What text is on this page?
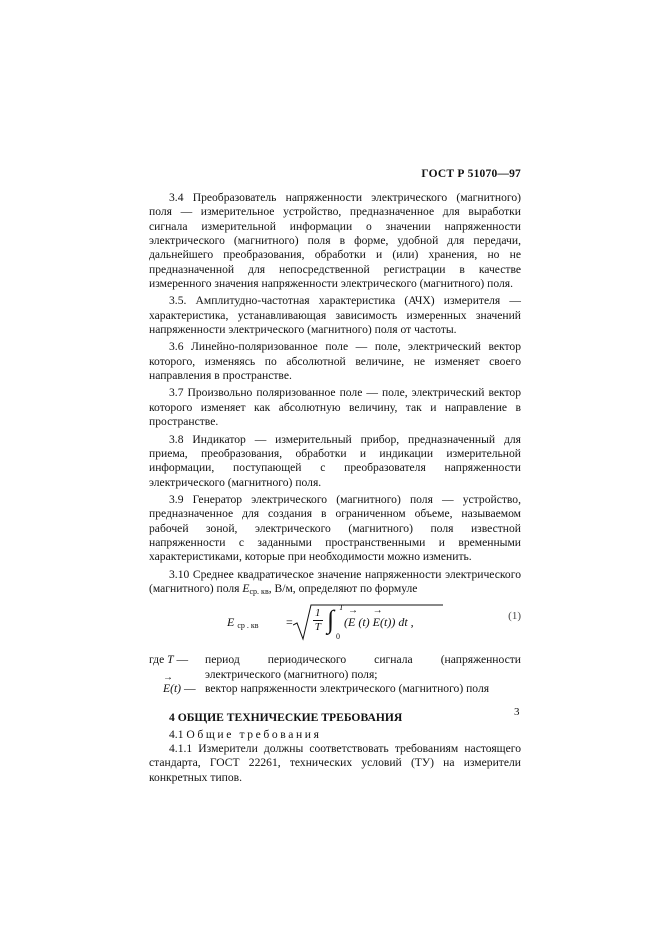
ГОСТ Р 51070—97

3.4 Преобразователь напряженности электрического (магнитного) поля — измерительное устройство, предназначенное для выработки сигнала измерительной информации о значении напряженности электрического (магнитного) поля в форме, удобной для передачи, дальнейшего преобразования, обработки и (или) хранения, но не предназначенной для непосредственной регистрации в качестве измеренного значения напряженности электрического (магнитного) поля.

3.5. Амплитудно-частотная характеристика (АЧХ) измерителя — характеристика, устанавливающая зависимость измеренных значений напряженности электрического (магнитного) поля от частоты.

3.6 Линейно-поляризованное поле — поле, электрический вектор которого, изменяясь по абсолютной величине, не изменяет своего направления в пространстве.

3.7 Произвольно поляризованное поле — поле, электрический вектор которого изменяет как абсолютную величину, так и направление в пространстве.

3.8 Индикатор — измерительный прибор, предназначенный для приема, преобразования, обработки и индикации измерительной информации, поступающей с преобразователя напряженности электрического (магнитного) поля.

3.9 Генератор электрического (магнитного) поля — устройство, предназначенное для создания в ограниченном объеме, называемом рабочей зоной, электрического (магнитного) поля известной напряженности с заданными пространственными и временными характеристиками, которые при необходимости можно изменить.

3.10 Среднее квадратическое значение напряженности электрического (магнитного) поля $E_{ср. кв}$, В/м, определяют по формуле

E $_{ср . кв} = \frac{1}{T}$ ∫ T
0
(→ E (t) → E(t)) dt ,	(1)
где T —	период периодического сигнала (напряженности электрического (магнитного) поля;
→ E(t) — вектор напряженности электрического (магнитного) поля
4 ОБЩИЕ ТЕХНИЧЕСКИЕ ТРЕБОВАНИЯ

4.1 Общие требования

4.1.1 Измерители должны соответствовать требованиям настоящего стандарта, ГОСТ 22261, технических условий (ТУ) на измерители конкретных типов.

3
